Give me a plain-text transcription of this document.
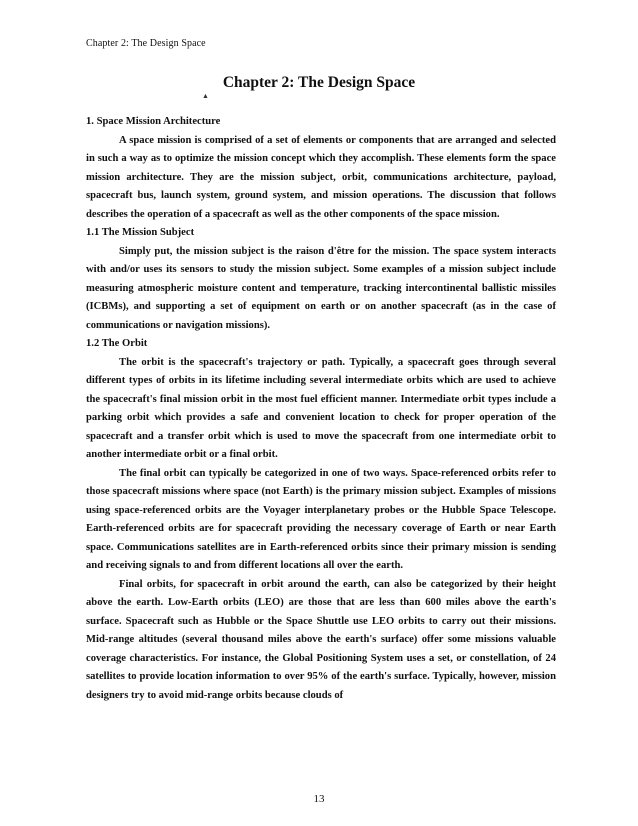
Chapter 2: The Design Space
Chapter 2: The Design Space
▲

1. Space Mission Architecture

A space mission is comprised of a set of elements or components that are arranged and selected in such a way as to optimize the mission concept which they accomplish. These elements form the space mission architecture. They are the mission subject, orbit, communications architecture, payload, spacecraft bus, launch system, ground system, and mission operations. The discussion that follows describes the operation of a spacecraft as well as the other components of the space mission.

1.1 The Mission Subject

Simply put, the mission subject is the raison d'être for the mission. The space system interacts with and/or uses its sensors to study the mission subject. Some examples of a mission subject include measuring atmospheric moisture content and temperature, tracking intercontinental ballistic missiles (ICBMs), and supporting a set of equipment on earth or on another spacecraft (as in the case of communications or navigation missions).

1.2 The Orbit

The orbit is the spacecraft's trajectory or path. Typically, a spacecraft goes through several different types of orbits in its lifetime including several intermediate orbits which are used to achieve the spacecraft's final mission orbit in the most fuel efficient manner. Intermediate orbit types include a parking orbit which provides a safe and convenient location to check for proper operation of the spacecraft and a transfer orbit which is used to move the spacecraft from one intermediate orbit to another intermediate orbit or a final orbit.

The final orbit can typically be categorized in one of two ways. Space-referenced orbits refer to those spacecraft missions where space (not Earth) is the primary mission subject. Examples of missions using space-referenced orbits are the Voyager interplanetary probes or the Hubble Space Telescope. Earth-referenced orbits are for spacecraft providing the necessary coverage of Earth or near Earth space. Communications satellites are in Earth-referenced orbits since their primary mission is sending and receiving signals to and from different locations all over the earth.

Final orbits, for spacecraft in orbit around the earth, can also be categorized by their height above the earth. Low-Earth orbits (LEO) are those that are less than 600 miles above the earth's surface. Spacecraft such as Hubble or the Space Shuttle use LEO orbits to carry out their missions. Mid-range altitudes (several thousand miles above the earth's surface) offer some missions valuable coverage characteristics. For instance, the Global Positioning System uses a set, or constellation, of 24 satellites to provide location information to over 95% of the earth's surface. Typically, however, mission designers try to avoid mid-range orbits because clouds of

13
